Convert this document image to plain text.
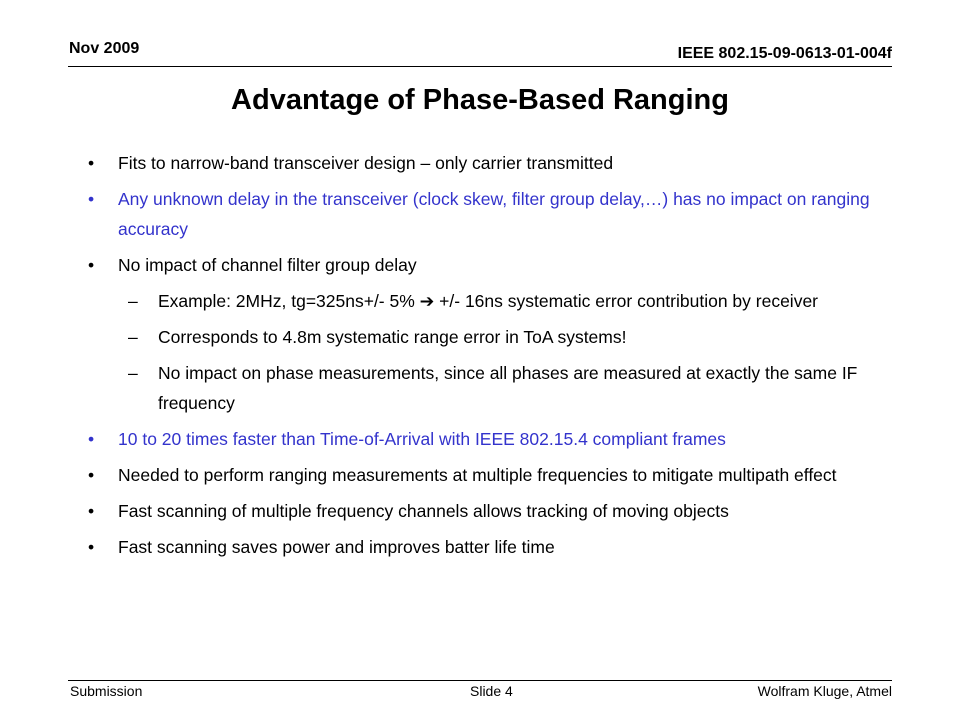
Nov 2009	IEEE 802.15-09-0613-01-004f
Advantage of Phase-Based Ranging
• Fits to narrow-band transceiver design – only carrier transmitted
• Any unknown delay in the transceiver (clock skew, filter group delay,…) has no impact on ranging accuracy
• No impact of channel filter group delay
– Example: 2MHz, tg=325ns+/- 5% ➔ +/- 16ns systematic error contribution by receiver
– Corresponds to 4.8m systematic range error in ToA systems!
– No impact on phase measurements, since all phases are measured at exactly the same IF frequency
• 10 to 20 times faster than Time-of-Arrival with IEEE 802.15.4 compliant frames
• Needed to perform ranging measurements at multiple frequencies to mitigate multipath effect
• Fast scanning of multiple frequency channels allows tracking of moving objects
• Fast scanning saves power and improves batter life time
Submission	Slide 4	Wolfram Kluge, Atmel
